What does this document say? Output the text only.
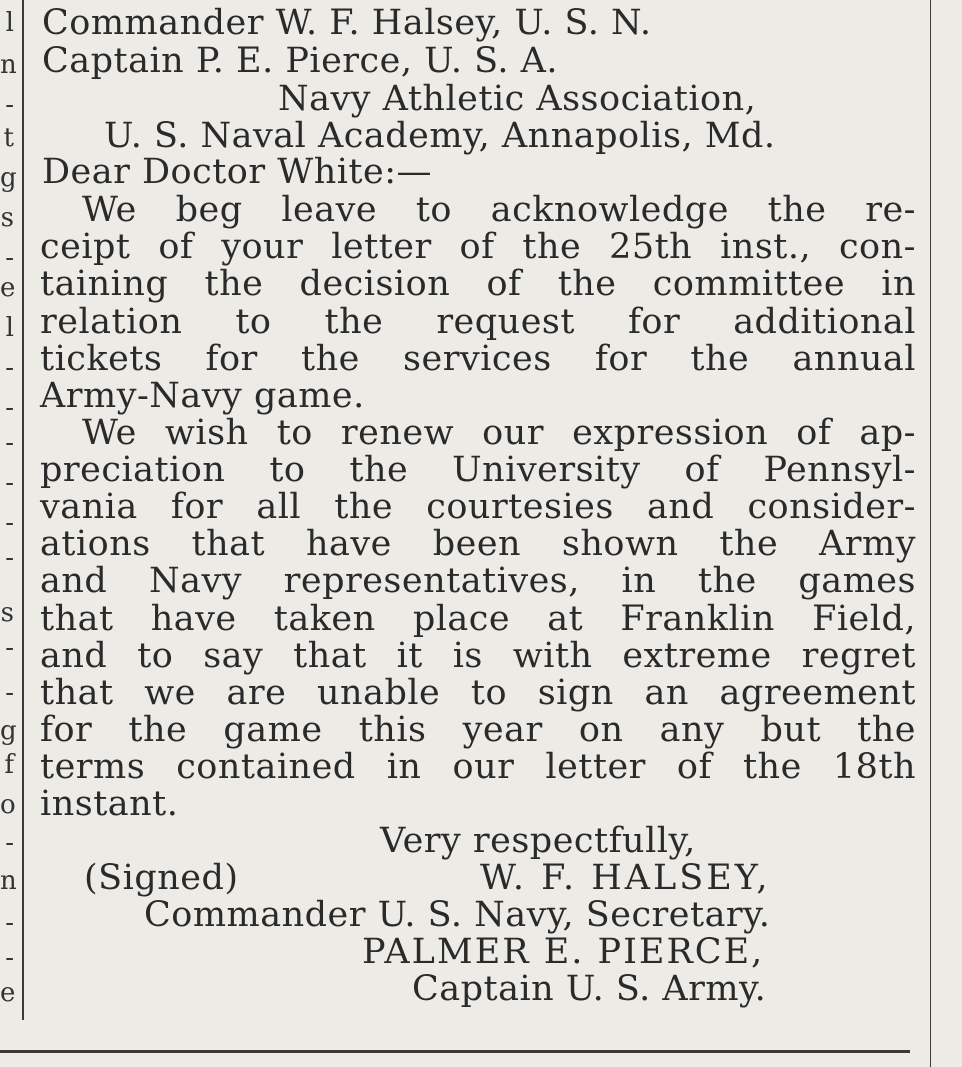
l
n
-
t
g
s
-
e
l
-
-
-
-
-
-
s
-
-
g
f
o
-
n
-
-
e
Commander W. F. Halsey, U. S. N.
Captain P. E. Pierce, U. S. A.
Navy Athletic Association,
U. S. Naval Academy, Annapolis, Md.
Dear Doctor White:—
We beg leave to acknowledge the re-
ceipt of your letter of the 25th inst., con-
taining the decision of the committee in
relation to the request for additional
tickets for the services for the annual
Army-Navy game.
We wish to renew our expression of ap-
preciation to the University of Pennsyl-
vania for all the courtesies and consider-
ations that have been shown the Army
and Navy representatives, in the games
that have taken place at Franklin Field,
and to say that it is with extreme regret
that we are unable to sign an agreement
for the game this year on any but the
terms contained in our letter of the 18th
instant.
Very respectfully,
(Signed)	W. F. HALSEY,
Commander U. S. Navy, Secretary.
PALMER E. PIERCE,
Captain U. S. Army.
